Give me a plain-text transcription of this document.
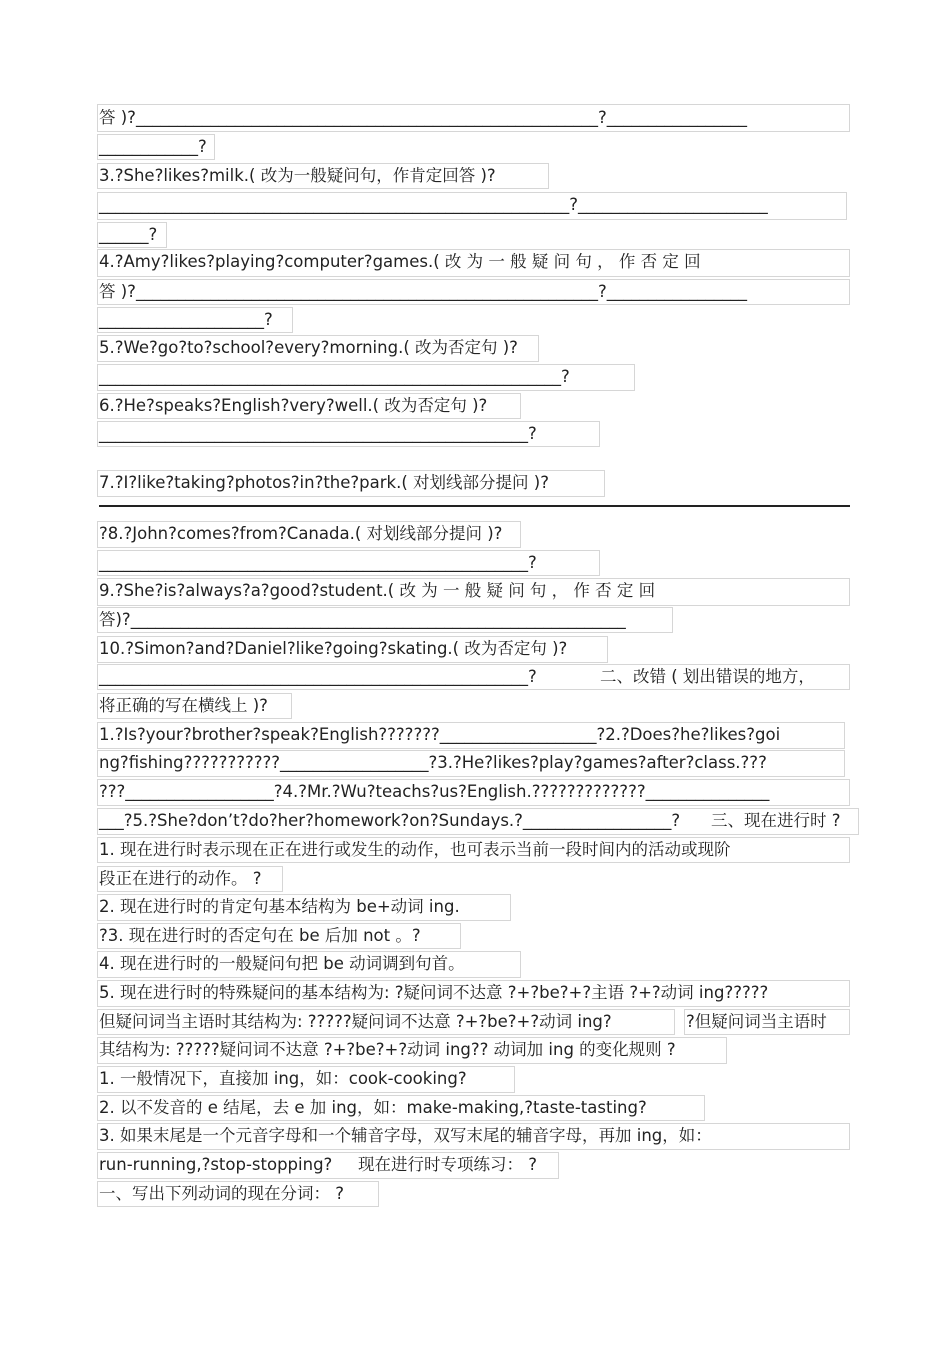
答 )?________________________________________________________?_________________
____________?
3.?She?likes?milk.( 改为一般疑问句，作肯定回答 )?
_________________________________________________________?_______________________
______?
4.?Amy?likes?playing?computer?games.( 改 为 一 般 疑 问 句 ， 作 否 定 回
答 )?________________________________________________________?_________________
____________________?
5.?We?go?to?school?every?morning.( 改为否定句 )?
________________________________________________________?
6.?He?speaks?English?very?well.( 改为否定句 )?
____________________________________________________?
7.?I?like?taking?photos?in?the?park.( 对划线部分提问 )?
?8.?John?comes?from?Canada.( 对划线部分提问 )?
____________________________________________________?
9.?She?is?always?a?good?student.( 改 为 一 般 疑 问 句 ， 作 否 定 回
答)?____________________________________________________________
10.?Simon?and?Daniel?like?going?skating.( 改为否定句 )?
____________________________________________________?	二、改错 ( 划出错误的地方，
将正确的写在横线上 )?
1.?Is?your?brother?speak?English???????___________________?2.?Does?he?likes?goi
ng?fishing???????????__________________?3.?He?likes?play?games?after?class.???
???__________________?4.?Mr.?Wu?teachs?us?English.?????????????_______________
___?5.?She?don’t?do?her?homework?on?Sundays.?__________________? 三、现在进行时 ?
1. 现在进行时表示现在正在进行或发生的动作，也可表示当前一段时间内的活动或现阶
段正在进行的动作。 ?
2. 现在进行时的肯定句基本结构为 be+动词 ing.
?3. 现在进行时的否定句在 be 后加 not 。?
4. 现在进行时的一般疑问句把 be 动词调到句首。
5. 现在进行时的特殊疑问的基本结构为: ?疑问词不达意 ?+?be?+?主语 ?+?动词 ing?????
但疑问词当主语时其结构为: ?????疑问词不达意 ?+?be?+?动词 ing?	?但疑问词当主语时
其结构为: ?????疑问词不达意 ?+?be?+?动词 ing?? 动词加 ing 的变化规则 ?
1. 一般情况下，直接加 ing，如：cook-cooking?
2. 以不发音的 e 结尾，去 e 加 ing，如：make-making,?taste-tasting?
3. 如果末尾是一个元音字母和一个辅音字母，双写末尾的辅音字母，再加 ing，如：
run-running,?stop-stopping? 现在进行时专项练习： ?
一、写出下列动词的现在分词： ?
